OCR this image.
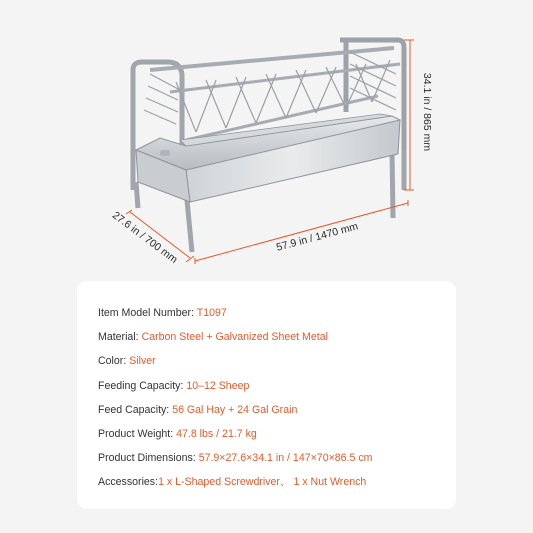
34.1 in / 865 mm
57.9 in / 1470 mm
27.6 in / 700 mm
Item Model Number: T1097
Material: Carbon Steel + Galvanized Sheet Metal
Color: Silver
Feeding Capacity: 10–12 Sheep
Feed Capacity: 56 Gal Hay + 24 Gal Grain
Product Weight: 47.8 lbs / 21.7 kg
Product Dimensions: 57.9×27.6×34.1 in / 147×70×86.5 cm
Accessories:1 x L-Shaped Screwdriver、 1 x Nut Wrench
